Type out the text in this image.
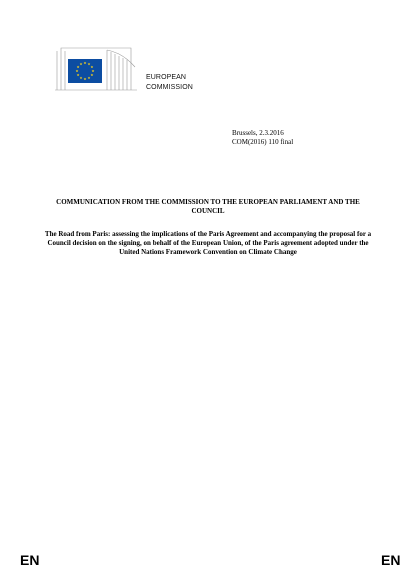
EUROPEAN
COMMISSION
Brussels, 2.3.2016
COM(2016) 110 final
COMMUNICATION FROM THE COMMISSION TO THE EUROPEAN PARLIAMENT AND THE COUNCIL
The Road from Paris: assessing the implications of the Paris Agreement and accompanying the proposal for a Council decision on the signing, on behalf of the European Union, of the Paris agreement adopted under the United Nations Framework Convention on Climate Change
EN	EN
